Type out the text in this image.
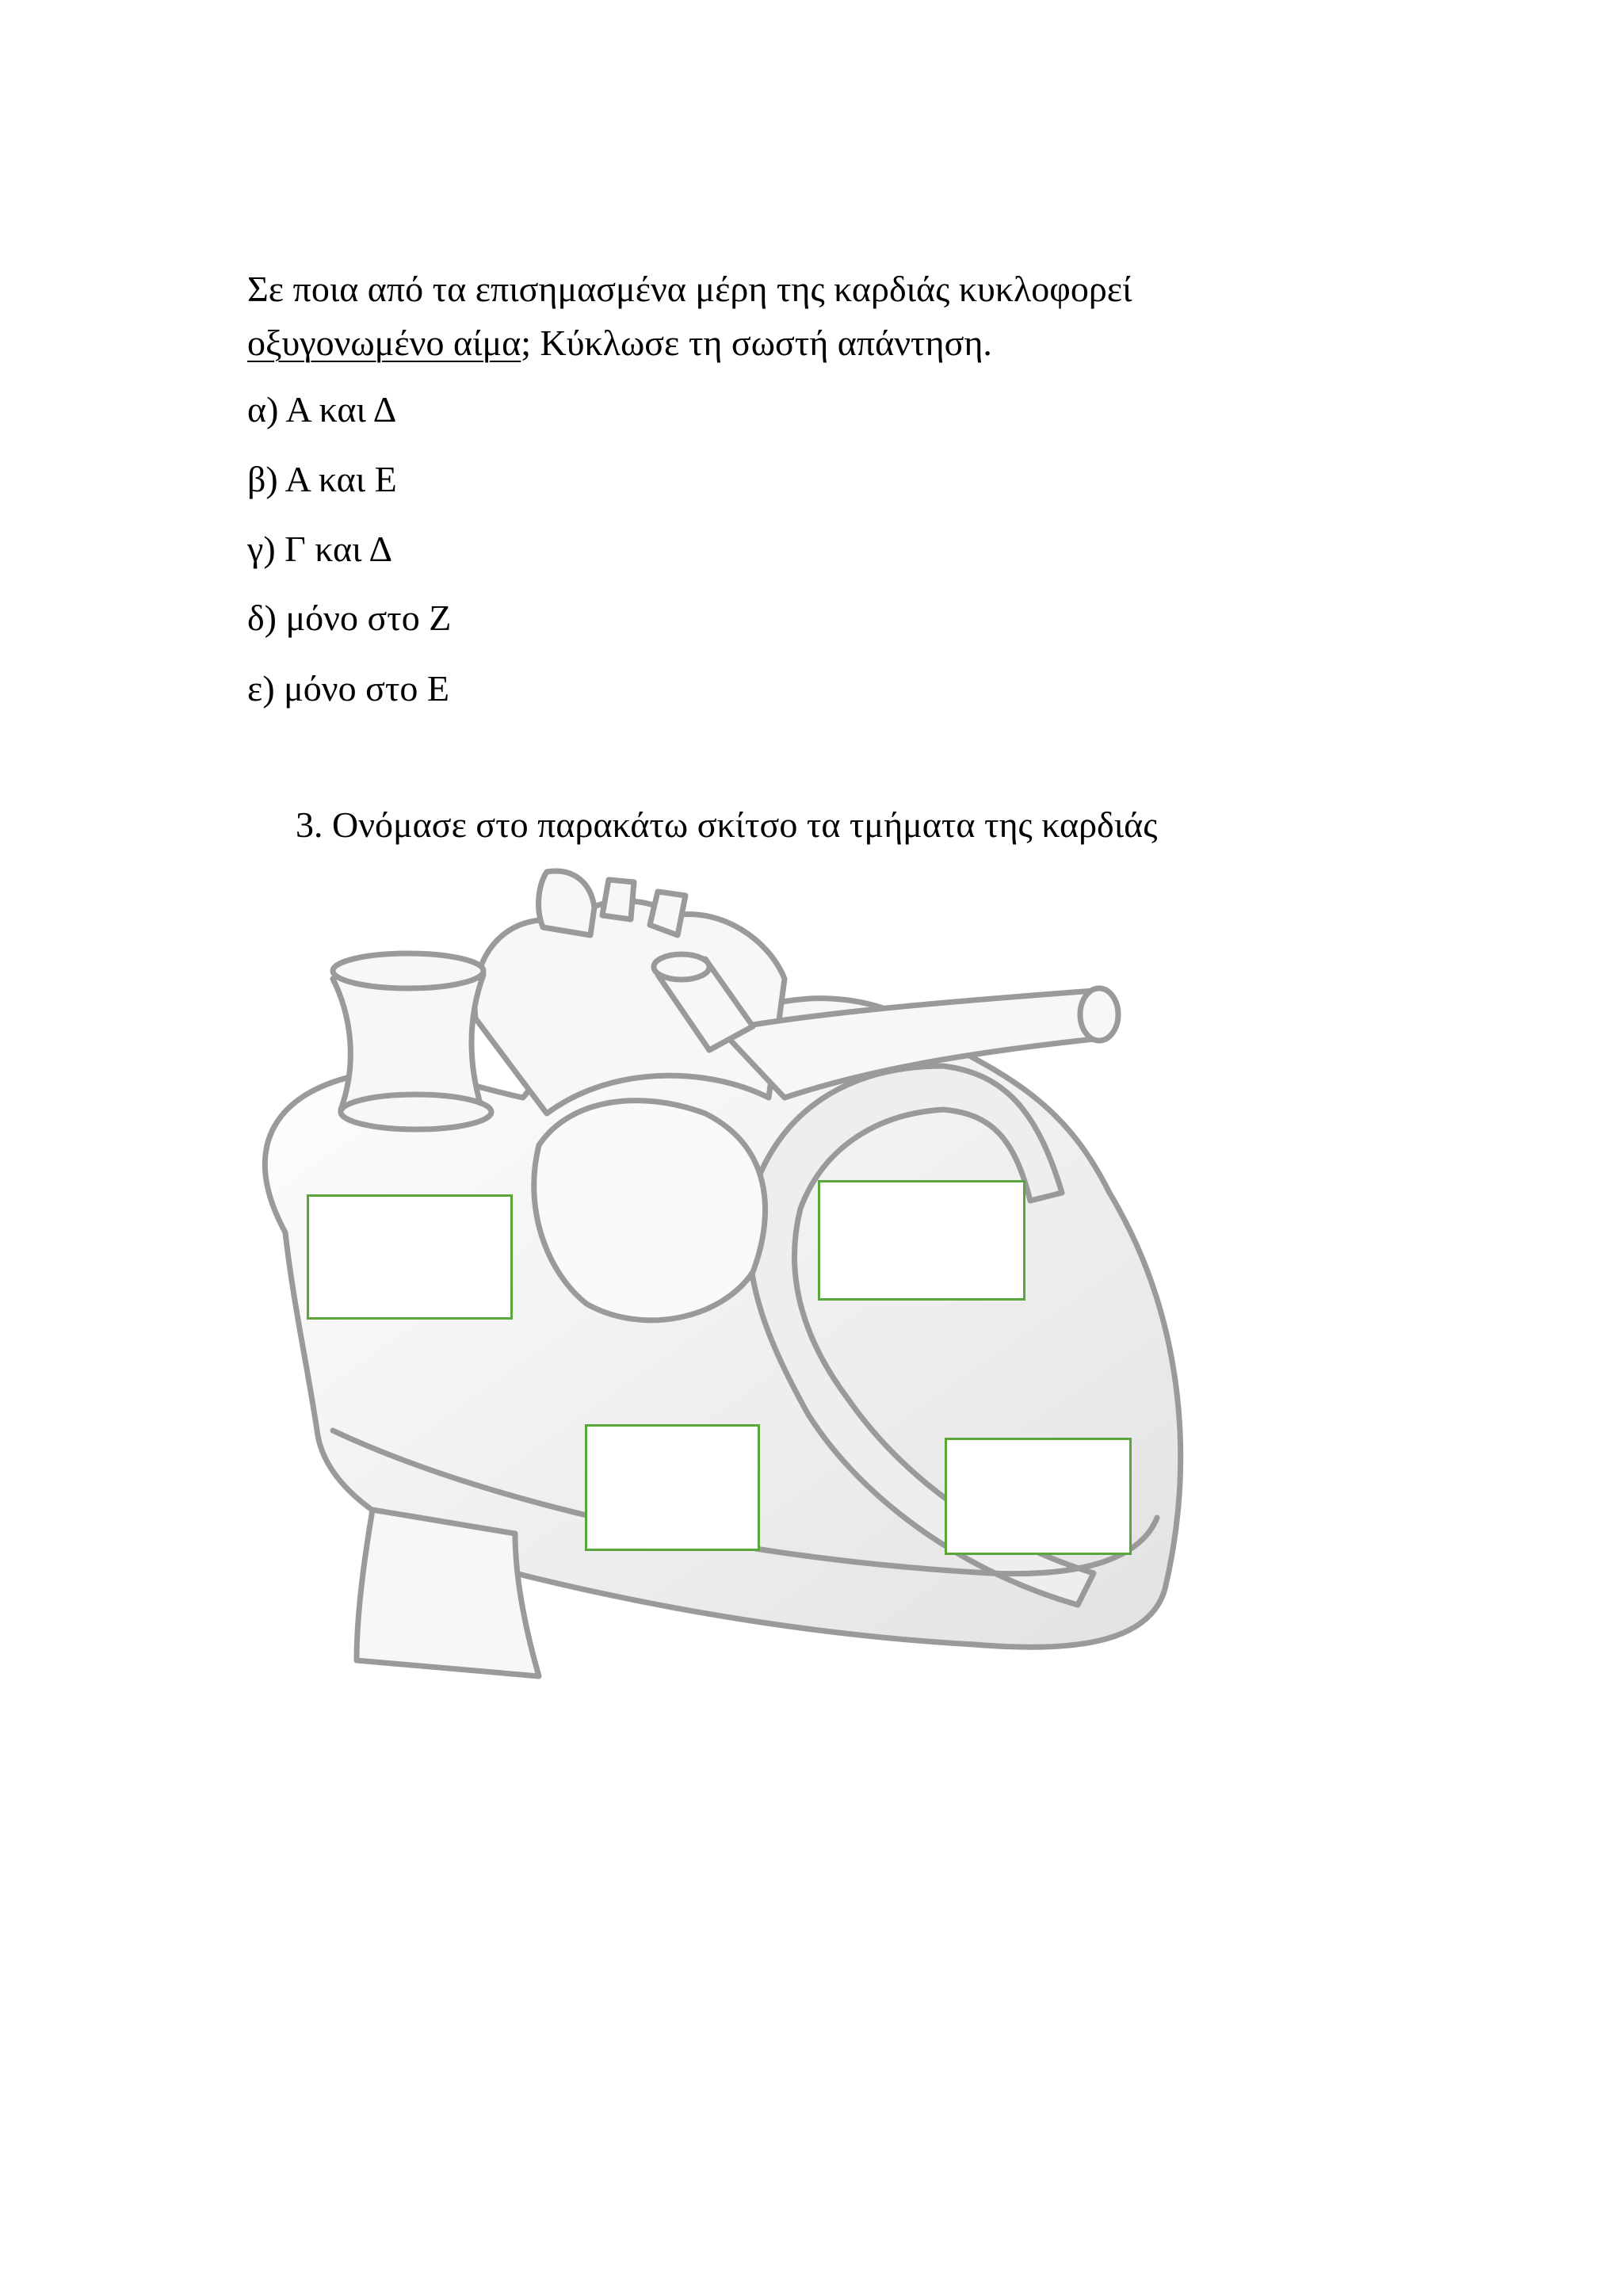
Σε ποια από τα επισημασμένα μέρη της καρδιάς κυκλοφορεί
οξυγονωμένο αίμα; Κύκλωσε τη σωστή απάντηση.
α) Α και Δ
β) Α και Ε
γ) Γ και Δ
δ) μόνο στο Ζ
ε) μόνο στο Ε
3. Ονόμασε στο παρακάτω σκίτσο τα τμήματα της καρδιάς
